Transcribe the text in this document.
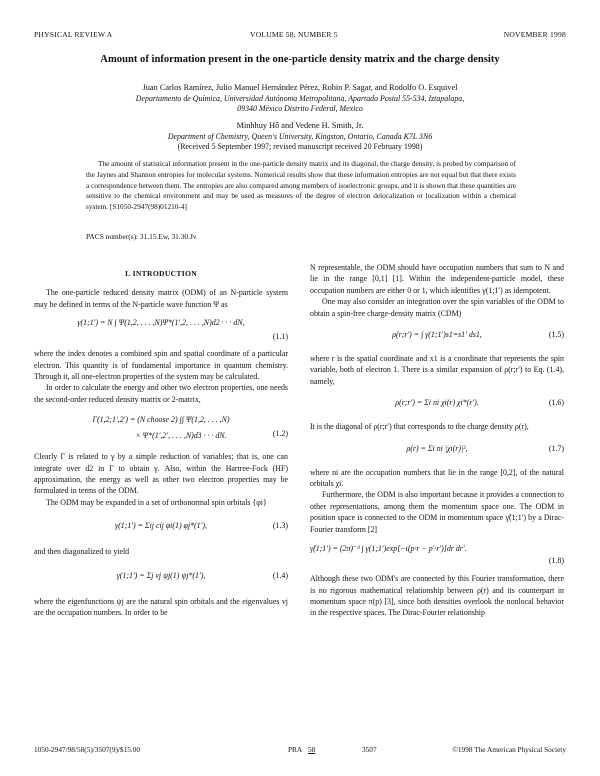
PHYSICAL REVIEW A	VOLUME 58, NUMBER 5	NOVEMBER 1998
Amount of information present in the one-particle density matrix and the charge density
Juan Carlos Ramírez, Julio Manuel Hernández Pérez, Robin P. Sagar, and Rodolfo O. Esquivel
Departamento de Química, Universidad Autónoma Metropolitana, Apartado Postal 55-534, Iztapalapa,
09340 México Distrito Federal, Mexico
Minhhuy Hô and Vedene H. Smith, Jr.
Department of Chemistry, Queen's University, Kingston, Ontario, Canada K7L 3N6
(Received 5 September 1997; revised manuscript received 20 February 1998)

The amount of statistical information present in the one-particle density matrix and its diagonal, the charge density, is probed by comparison of the Jaynes and Shannon entropies for molecular systems. Numerical results show that these information entropies are not equal but that there exists a correspondence between them. The entropies are also compared among members of isoelectronic groups, and it is shown that these quantities are sensitive to the chemical environment and may be used as measures of the degree of electron delocalization or localization within a chemical system. [S1050-2947(98)01210-4]

PACS number(s): 31.15.Ew, 31.30.Jv
I. INTRODUCTION

The one-particle reduced density matrix (ODM) of an N-particle system may be defined in terms of the N-particle wave function Ψ as

γ(1;1′) = N ∫ Ψ(1,2, . . . ,N)Ψ*(1′,2, . . . ,N)d2 · · · dN,
(1.1)

where the index denotes a combined spin and spatial coordinate of a particular electron. This quantity is of fundamental importance in quantum chemistry. Through it, all one-electron properties of the system may be calculated.

In order to calculate the energy and other two electron properties, one needs the second-order reduced density matrix or 2-matrix,

Γ(1,2;1′,2′) = (N choose 2) ∫∫ Ψ(1,2, . . . ,N)
× Ψ*(1′,2′, . . . ,N)d3 · · · dN.	(1.2)

Clearly Γ is related to γ by a simple reduction of variables; that is, one can integrate over d2 in Γ to obtain γ. Also, within the Hartree-Fock (HF) approximation, the energy as well as other two electron properties may be formulated in terms of the ODM.

The ODM may be expanded in a set of orthonormal spin orbitals {φi}

γ(1;1′) = Σij cij φi(1) φj*(1′),	(1.3)

and then diagonalized to yield

γ(1;1′) = Σj vj ψj(1) ψj*(1′),	(1.4)

where the eigenfunctions ψj are the natural spin orbitals and the eigenvalues vj are the occupation numbers. In order to be

N representable, the ODM should have occupation numbers that sum to N and lie in the range [0,1] [1]. Within the independent-particle model, these occupation numbers are either 0 or 1, which identifies γ(1;1′) as idempotent.

One may also consider an integration over the spin variables of the ODM to obtain a spin-free charge-density matrix (CDM)

ρ(r;r′) = ∫ γ(1;1′)s1=s1′ ds1,	(1.5)

where r is the spatial coordinate and x1 is a coordinate that represents the spin variable, both of electron 1. There is a similar expansion of ρ(r;r′) to Eq. (1.4), namely,

ρ(r;r′) = Σi ni χi(r) χi*(r′).	(1.6)

It is the diagonal of ρ(r;r′) that corresponds to the charge density ρ(r),

ρ(r) = Σi ni |χi(r)|²,	(1.7)

where ni are the occupation numbers that lie in the range [0,2], of the natural orbitals χi.

Furthermore, the ODM is also important because it provides a connection to other representations, among them the momentum space one. The ODM in position space is connected to the ODM in momentum space γ̃(1;1′) by a Dirac-Fourier transform [2]

γ̃(1;1′) = (2π)⁻³ ∫ γ(1;1′)exp[−ı(p·r − p′·r′)]dr dr′.
(1.8)

Although these two ODM's are connected by this Fourier transformation, there is no rigorous mathematical relationship between ρ(r) and its counterpart in momentum space π(p) [3], since both densities overlook the nonlocal behavior in the respective spaces. The Dirac-Fourier relationship

1050-2947/98/58(5)/3507(9)/$15.00	PRA 58	3507	©1998 The American Physical Society
